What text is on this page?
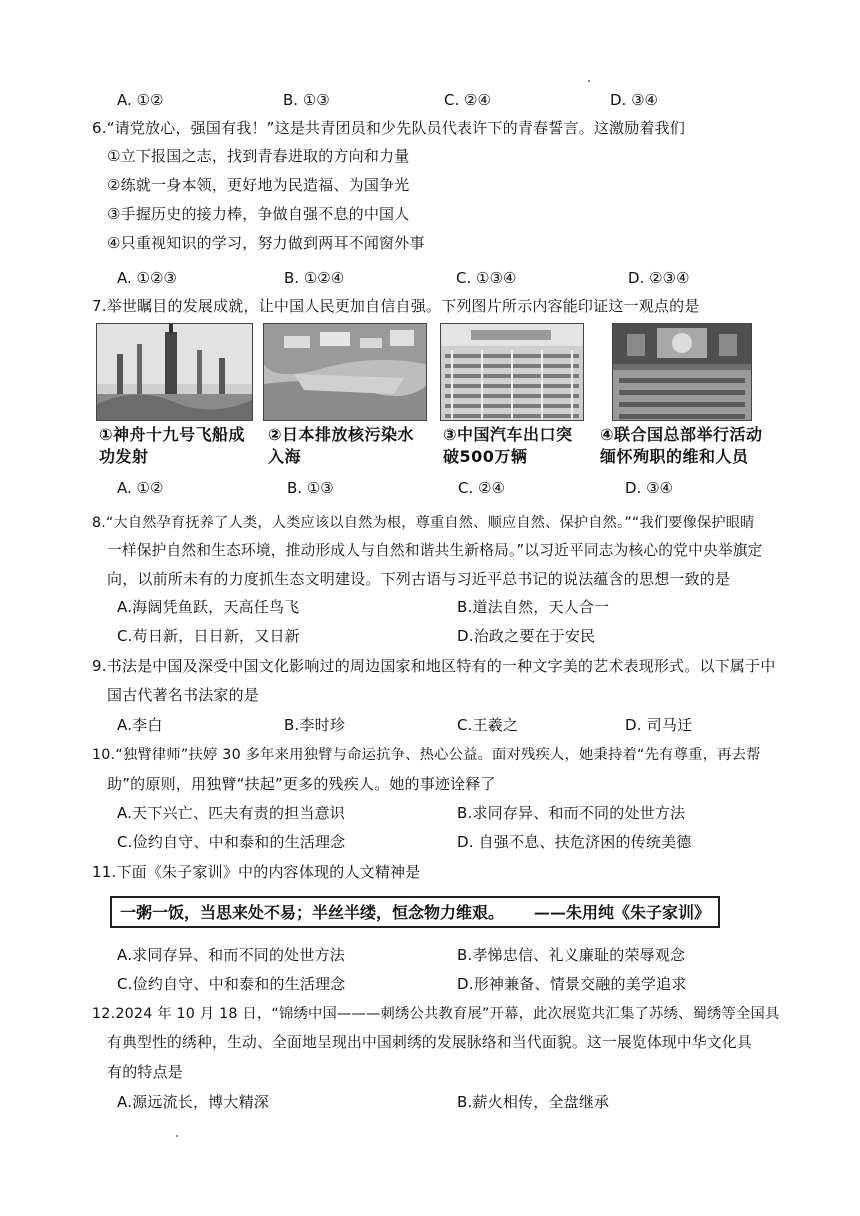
A. ①②	B. ①③	C. ②④	D. ③④
6.“请党放心，强国有我！”这是共青团员和少先队员代表许下的青春誓言。这激励着我们
①立下报国之志，找到青春进取的方向和力量
②练就一身本领，更好地为民造福、为国争光
③手握历史的接力棒，争做自强不息的中国人
④只重视知识的学习，努力做到两耳不闻窗外事
A. ①②③	B. ①②④	C. ①③④	D. ②③④
7.举世瞩目的发展成就，让中国人民更加自信自强。下列图片所示内容能印证这一观点的是
①神舟十九号飞船成
功发射
②日本排放核污染水
入海
③中国汽车出口突
破500万辆
④联合国总部举行活动
缅怀殉职的维和人员
A. ①②	B. ①③	C. ②④	D. ③④
8.“大自然孕育抚养了人类，人类应该以自然为根，尊重自然、顺应自然、保护自然。”“我们要像保护眼睛
一样保护自然和生态环境，推动形成人与自然和谐共生新格局。”以习近平同志为核心的党中央举旗定
向，以前所未有的力度抓生态文明建设。下列古语与习近平总书记的说法蕴含的思想一致的是
A.海阔凭鱼跃，天高任鸟飞	B.道法自然，天人合一
C.苟日新，日日新，又日新	D.治政之要在于安民
9.书法是中国及深受中国文化影响过的周边国家和地区特有的一种文字美的艺术表现形式。以下属于中
国古代著名书法家的是
A.李白	B.李时珍	C.王羲之	D. 司马迁
10.“独臂律师”扶婷 30 多年来用独臂与命运抗争、热心公益。面对残疾人，她秉持着“先有尊重，再去帮
助”的原则，用独臂“扶起”更多的残疾人。她的事迹诠释了
A.天下兴亡、匹夫有责的担当意识	B.求同存异、和而不同的处世方法
C.俭约自守、中和泰和的生活理念	D. 自强不息、扶危济困的传统美德
11.下面《朱子家训》中的内容体现的人文精神是
一粥一饭，当思来处不易；半丝半缕，恒念物力维艰。 ——朱用纯《朱子家训》
A.求同存异、和而不同的处世方法	B.孝悌忠信、礼义廉耻的荣辱观念
C.俭约自守、中和泰和的生活理念	D.形神兼备、情景交融的美学追求
12.2024 年 10 月 18 日，“锦绣中国———刺绣公共教育展”开幕，此次展览共汇集了苏绣、蜀绣等全国具
有典型性的绣种，生动、全面地呈现出中国刺绣的发展脉络和当代面貌。这一展览体现中华文化具
有的特点是
A.源远流长，博大精深	B.薪火相传，全盘继承
